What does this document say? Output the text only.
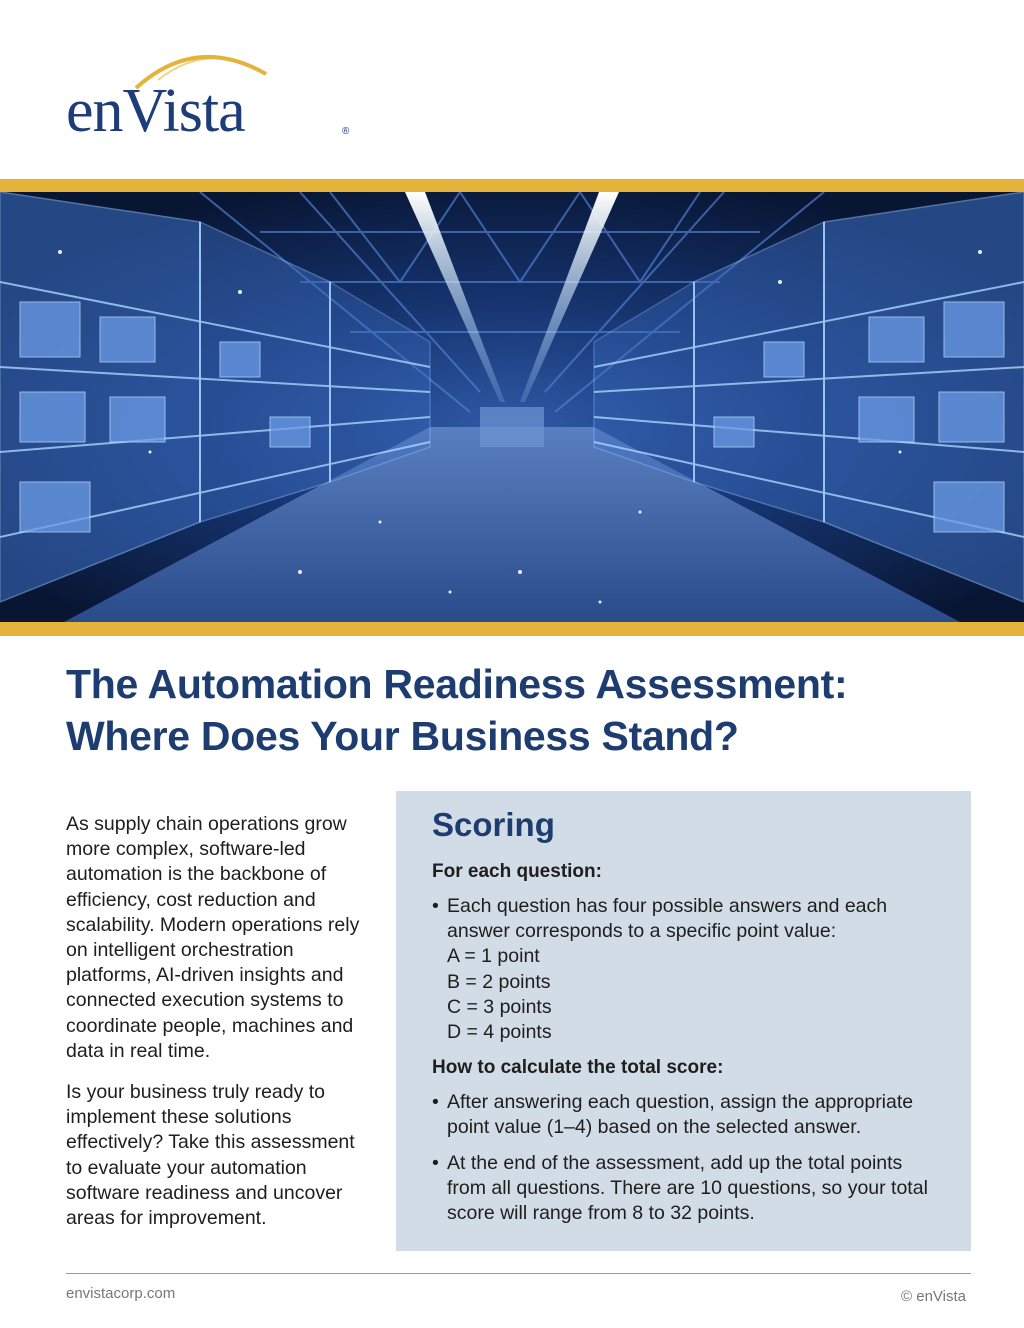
enVista	®
The Automation Readiness Assessment:
Where Does Your Business Stand?

As supply chain operations grow more complex, software-led automation is the backbone of efficiency, cost reduction and scalability. Modern operations rely on intelligent orchestration platforms, AI-driven insights and connected execution systems to coordinate people, machines and data in real time.

Is your business truly ready to implement these solutions effectively? Take this assessment to evaluate your automation software readiness and uncover areas for improvement.

Scoring
For each question:
• Each question has four possible answers and each answer corresponds to a specific point value:
A = 1 point
B = 2 points
C = 3 points
D = 4 points
How to calculate the total score:
• After answering each question, assign the appropriate point value (1–4) based on the selected answer.
• At the end of the assessment, add up the total points from all questions. There are 10 questions, so your total score will range from 8 to 32 points.
envistacorp.com	© enVista
